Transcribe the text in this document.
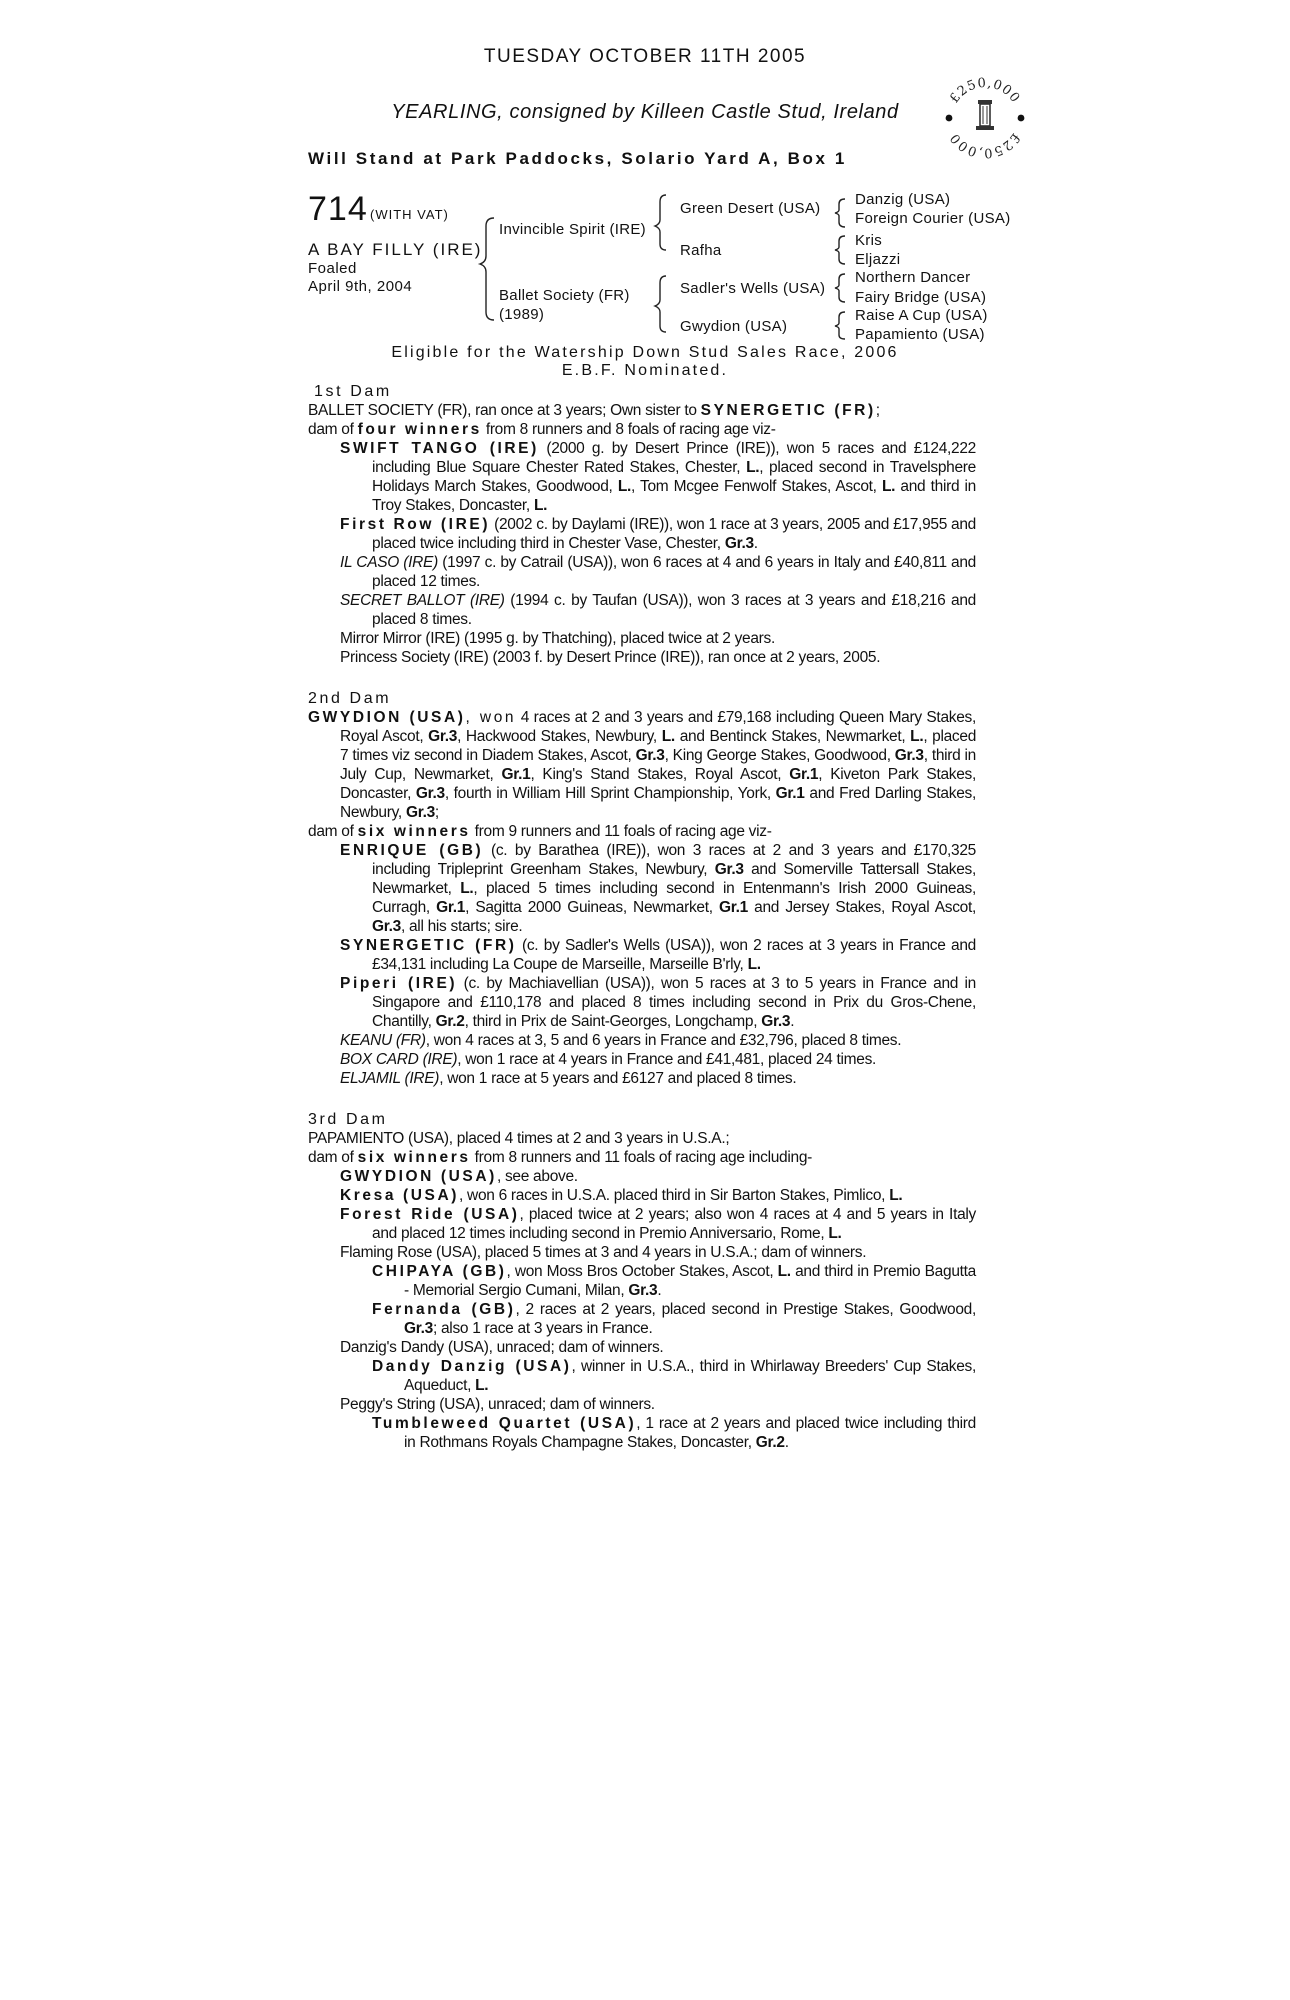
TUESDAY OCTOBER 11TH 2005
YEARLING, consigned by Killeen Castle Stud, Ireland
Will Stand at Park Paddocks, Solario Yard A, Box 1
£250,000
£250,000
714 (WITH VAT)
A BAY FILLY (IRE)
Foaled
April 9th, 2004
Invincible Spirit (IRE)
Ballet Society (FR)
(1989)
Green Desert (USA)
Rafha
Sadler's Wells (USA)
Gwydion (USA)
Danzig (USA)
Foreign Courier (USA)
Kris
Eljazzi
Northern Dancer
Fairy Bridge (USA)
Raise A Cup (USA)
Papamiento (USA)
Eligible for the Watership Down Stud Sales Race, 2006
E.B.F. Nominated.
1st Dam
BALLET SOCIETY (FR), ran once at 3 years; Own sister to SYNERGETIC (FR);
dam of four winners from 8 runners and 8 foals of racing age viz-
SWIFT TANGO (IRE) (2000 g. by Desert Prince (IRE)), won 5 races and £124,222 including Blue Square Chester Rated Stakes, Chester, L., placed second in Travelsphere Holidays March Stakes, Goodwood, L., Tom Mcgee Fenwolf Stakes, Ascot, L. and third in Troy Stakes, Doncaster, L.
First Row (IRE) (2002 c. by Daylami (IRE)), won 1 race at 3 years, 2005 and £17,955 and placed twice including third in Chester Vase, Chester, Gr.3.
IL CASO (IRE) (1997 c. by Catrail (USA)), won 6 races at 4 and 6 years in Italy and £40,811 and placed 12 times.
SECRET BALLOT (IRE) (1994 c. by Taufan (USA)), won 3 races at 3 years and £18,216 and placed 8 times.
Mirror Mirror (IRE) (1995 g. by Thatching), placed twice at 2 years.
Princess Society (IRE) (2003 f. by Desert Prince (IRE)), ran once at 2 years, 2005.
2nd Dam
GWYDION (USA), won 4 races at 2 and 3 years and £79,168 including Queen Mary Stakes, Royal Ascot, Gr.3, Hackwood Stakes, Newbury, L. and Bentinck Stakes, Newmarket, L., placed 7 times viz second in Diadem Stakes, Ascot, Gr.3, King George Stakes, Goodwood, Gr.3, third in July Cup, Newmarket, Gr.1, King's Stand Stakes, Royal Ascot, Gr.1, Kiveton Park Stakes, Doncaster, Gr.3, fourth in William Hill Sprint Championship, York, Gr.1 and Fred Darling Stakes, Newbury, Gr.3;
dam of six winners from 9 runners and 11 foals of racing age viz-
ENRIQUE (GB) (c. by Barathea (IRE)), won 3 races at 2 and 3 years and £170,325 including Tripleprint Greenham Stakes, Newbury, Gr.3 and Somerville Tattersall Stakes, Newmarket, L., placed 5 times including second in Entenmann's Irish 2000 Guineas, Curragh, Gr.1, Sagitta 2000 Guineas, Newmarket, Gr.1 and Jersey Stakes, Royal Ascot, Gr.3, all his starts; sire.
SYNERGETIC (FR) (c. by Sadler's Wells (USA)), won 2 races at 3 years in France and £34,131 including La Coupe de Marseille, Marseille B'rly, L.
Piperi (IRE) (c. by Machiavellian (USA)), won 5 races at 3 to 5 years in France and in Singapore and £110,178 and placed 8 times including second in Prix du Gros-Chene, Chantilly, Gr.2, third in Prix de Saint-Georges, Longchamp, Gr.3.
KEANU (FR), won 4 races at 3, 5 and 6 years in France and £32,796, placed 8 times.
BOX CARD (IRE), won 1 race at 4 years in France and £41,481, placed 24 times.
ELJAMIL (IRE), won 1 race at 5 years and £6127 and placed 8 times.
3rd Dam
PAPAMIENTO (USA), placed 4 times at 2 and 3 years in U.S.A.;
dam of six winners from 8 runners and 11 foals of racing age including-
GWYDION (USA), see above.
Kresa (USA), won 6 races in U.S.A. placed third in Sir Barton Stakes, Pimlico, L.
Forest Ride (USA), placed twice at 2 years; also won 4 races at 4 and 5 years in Italy and placed 12 times including second in Premio Anniversario, Rome, L.
Flaming Rose (USA), placed 5 times at 3 and 4 years in U.S.A.; dam of winners.
CHIPAYA (GB), won Moss Bros October Stakes, Ascot, L. and third in Premio Bagutta - Memorial Sergio Cumani, Milan, Gr.3.
Fernanda (GB), 2 races at 2 years, placed second in Prestige Stakes, Goodwood, Gr.3; also 1 race at 3 years in France.
Danzig's Dandy (USA), unraced; dam of winners.
Dandy Danzig (USA), winner in U.S.A., third in Whirlaway Breeders' Cup Stakes, Aqueduct, L.
Peggy's String (USA), unraced; dam of winners.
Tumbleweed Quartet (USA), 1 race at 2 years and placed twice including third in Rothmans Royals Champagne Stakes, Doncaster, Gr.2.
